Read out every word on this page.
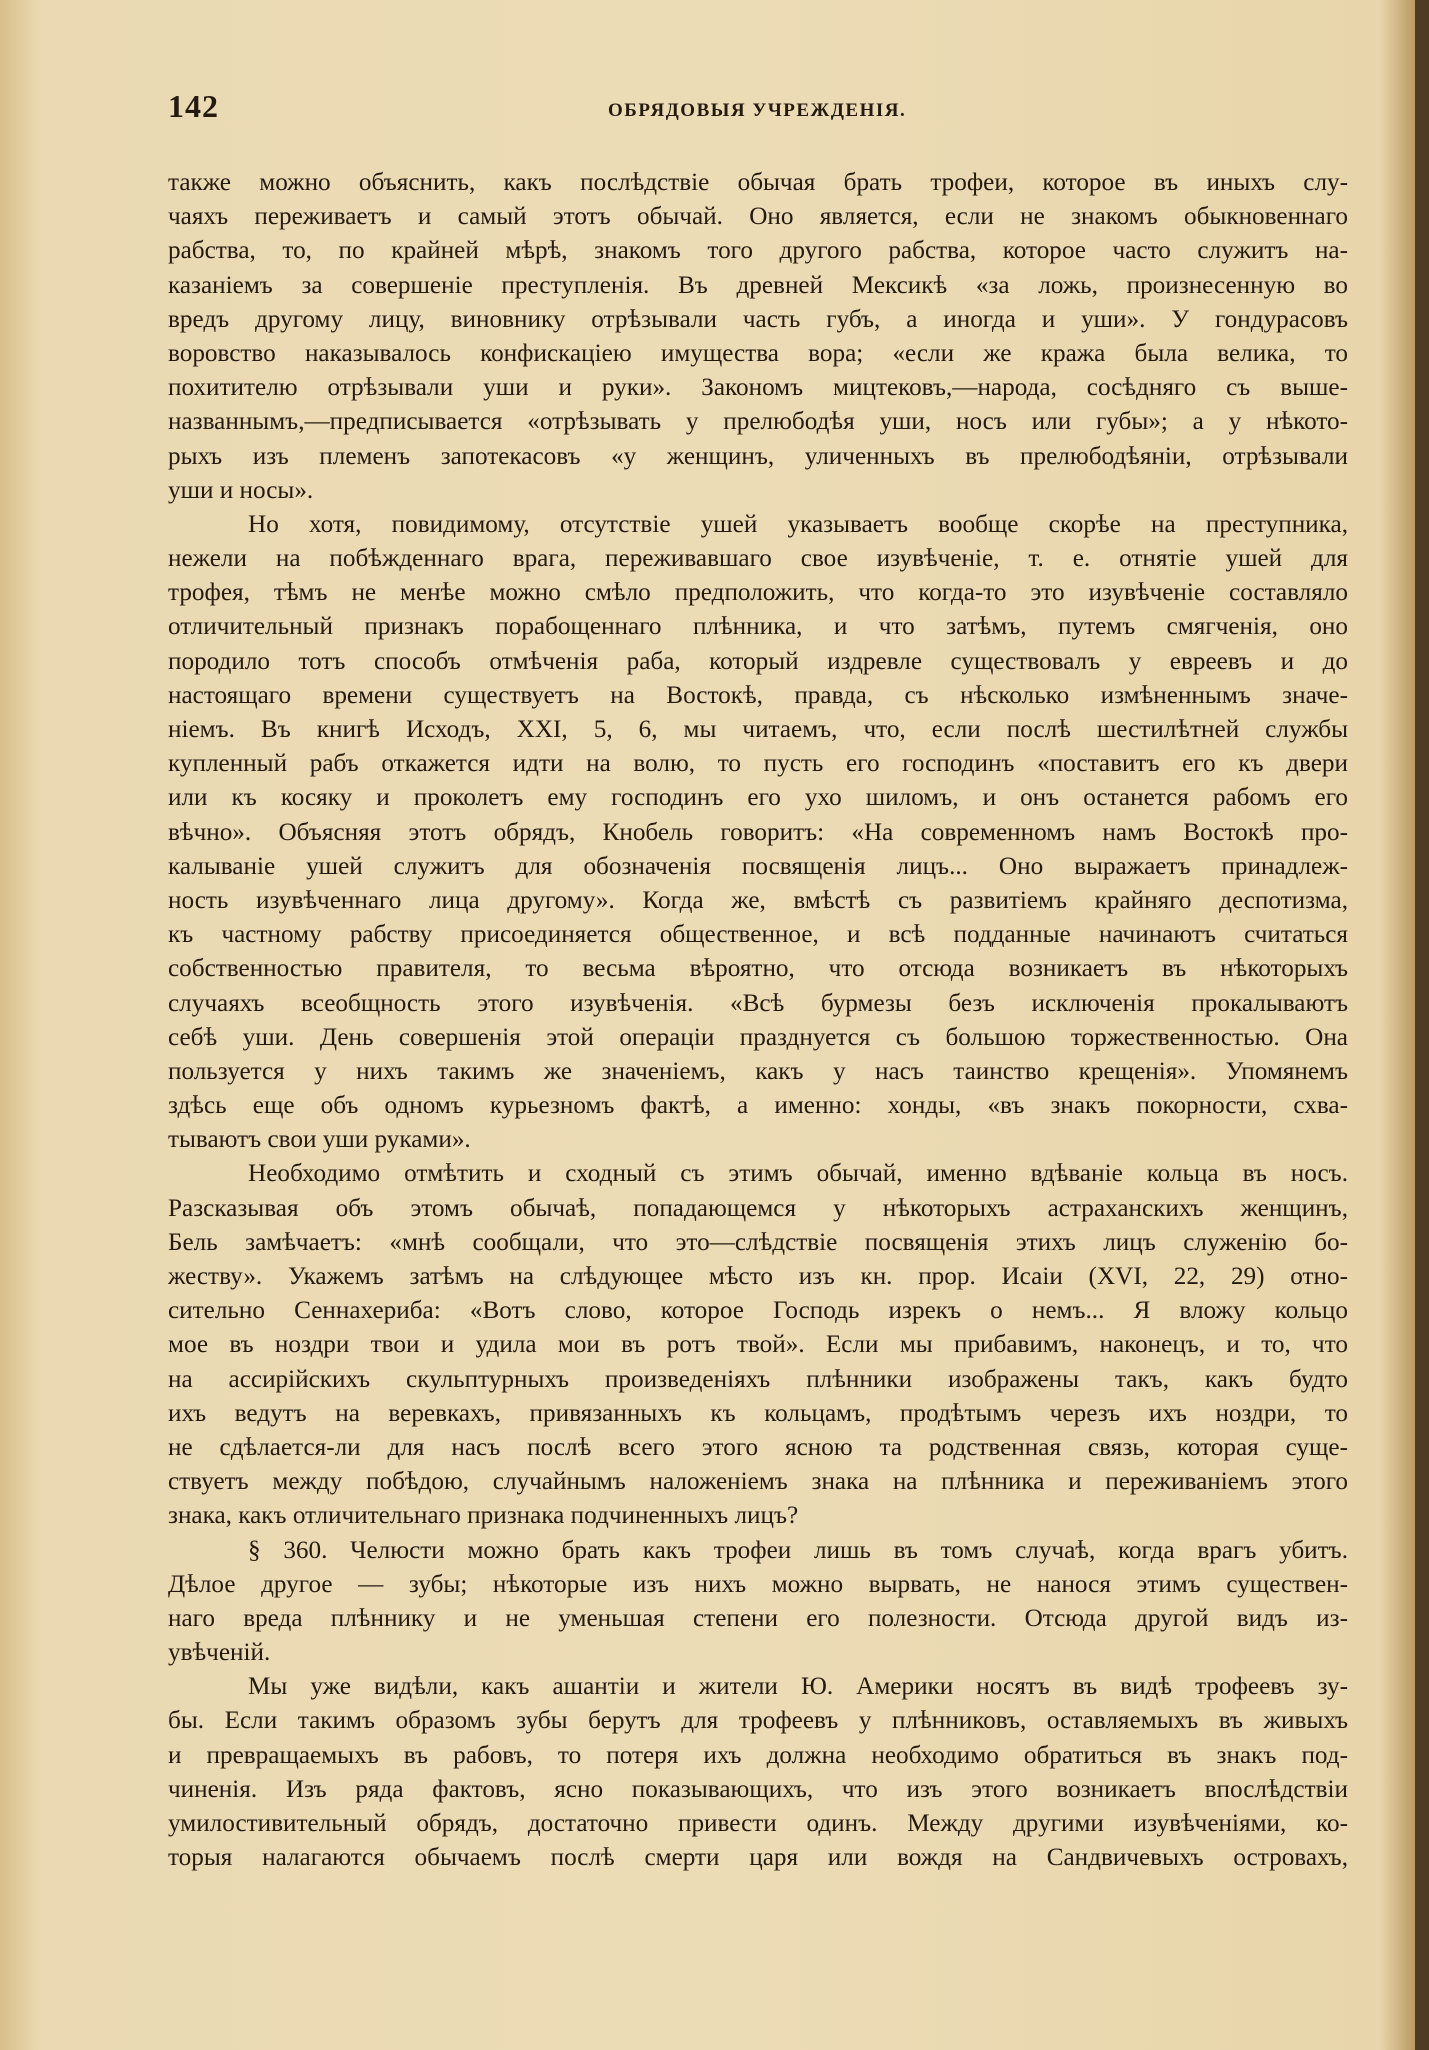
142	ОБРЯДОВЫЯ УЧРЕЖДЕНІЯ.
также можно объяснить, какъ послѣдствіе обычая брать трофеи, которое въ иныхъ слу-
чаяхъ переживаетъ и самый этотъ обычай. Оно является, если не знакомъ обыкновеннаго
рабства, то, по крайней мѣрѣ, знакомъ того другого рабства, которое часто служитъ на-
казаніемъ за совершеніе преступленія. Въ древней Мексикѣ «за ложь, произнесенную во
вредъ другому лицу, виновнику отрѣзывали часть губъ, а иногда и уши». У гондурасовъ
воровство наказывалось конфискаціею имущества вора; «если же кража была велика, то
похитителю отрѣзывали уши и руки». Закономъ мицтековъ,—народа, сосѣдняго съ выше-
названнымъ,—предписывается «отрѣзывать у прелюбодѣя уши, носъ или губы»; а у нѣкото-
рыхъ изъ племенъ запотекасовъ «у женщинъ, уличенныхъ въ прелюбодѣяніи, отрѣзывали
уши и носы».
Но хотя, повидимому, отсутствіе ушей указываетъ вообще скорѣе на преступника,
нежели на побѣжденнаго врага, переживавшаго свое изувѣченіе, т. е. отнятіе ушей для
трофея, тѣмъ не менѣе можно смѣло предположить, что когда-то это изувѣченіе составляло
отличительный признакъ порабощеннаго плѣнника, и что затѣмъ, путемъ смягченія, оно
породило тотъ способъ отмѣченія раба, который издревле существовалъ у евреевъ и до
настоящаго времени существуетъ на Востокѣ, правда, съ нѣсколько измѣненнымъ значе-
ніемъ. Въ книгѣ Исходъ, XXI, 5, 6, мы читаемъ, что, если послѣ шестилѣтней службы
купленный рабъ откажется идти на волю, то пусть его господинъ «поставитъ его къ двери
или къ косяку и проколетъ ему господинъ его ухо шиломъ, и онъ останется рабомъ его
вѣчно». Объясняя этотъ обрядъ, Кнобель говоритъ: «На современномъ намъ Востокѣ про-
калываніе ушей служитъ для обозначенія посвященія лицъ... Оно выражаетъ принадлеж-
ность изувѣченнаго лица другому». Когда же, вмѣстѣ съ развитіемъ крайняго деспотизма,
къ частному рабству присоединяется общественное, и всѣ подданные начинаютъ считаться
собственностью правителя, то весьма вѣроятно, что отсюда возникаетъ въ нѣкоторыхъ
случаяхъ всеобщность этого изувѣченія. «Всѣ бурмезы безъ исключенія прокалываютъ
себѣ уши. День совершенія этой операціи празднуется съ большою торжественностью. Она
пользуется у нихъ такимъ же значеніемъ, какъ у насъ таинство крещенія». Упомянемъ
здѣсь еще объ одномъ курьезномъ фактѣ, а именно: хонды, «въ знакъ покорности, схва-
тываютъ свои уши руками».
Необходимо отмѣтить и сходный съ этимъ обычай, именно вдѣваніе кольца въ носъ.
Разсказывая объ этомъ обычаѣ, попадающемся у нѣкоторыхъ астраханскихъ женщинъ,
Бель замѣчаетъ: «мнѣ сообщали, что это—слѣдствіе посвященія этихъ лицъ служенію бо-
жеству». Укажемъ затѣмъ на слѣдующее мѣсто изъ кн. прор. Исаіи (XVI, 22, 29) отно-
сительно Сеннахериба: «Вотъ слово, которое Господь изрекъ о немъ... Я вложу кольцо
мое въ ноздри твои и удила мои въ ротъ твой». Если мы прибавимъ, наконецъ, и то, что
на ассирійскихъ скульптурныхъ произведеніяхъ плѣнники изображены такъ, какъ будто
ихъ ведутъ на веревкахъ, привязанныхъ къ кольцамъ, продѣтымъ черезъ ихъ ноздри, то
не сдѣлается-ли для насъ послѣ всего этого ясною та родственная связь, которая суще-
ствуетъ между побѣдою, случайнымъ наложеніемъ знака на плѣнника и переживаніемъ этого
знака, какъ отличительнаго признака подчиненныхъ лицъ?
§ 360. Челюсти можно брать какъ трофеи лишь въ томъ случаѣ, когда врагъ убитъ.
Дѣлое другое — зубы; нѣкоторые изъ нихъ можно вырвать, не нанося этимъ существен-
наго вреда плѣннику и не уменьшая степени его полезности. Отсюда другой видъ из-
увѣченій.
Мы уже видѣли, какъ ашантіи и жители Ю. Америки носятъ въ видѣ трофеевъ зу-
бы. Если такимъ образомъ зубы берутъ для трофеевъ у плѣнниковъ, оставляемыхъ въ живыхъ
и превращаемыхъ въ рабовъ, то потеря ихъ должна необходимо обратиться въ знакъ под-
чиненія. Изъ ряда фактовъ, ясно показывающихъ, что изъ этого возникаетъ впослѣдствіи
умилостивительный обрядъ, достаточно привести одинъ. Между другими изувѣченіями, ко-
торыя налагаются обычаемъ послѣ смерти царя или вождя на Сандвичевыхъ островахъ,
